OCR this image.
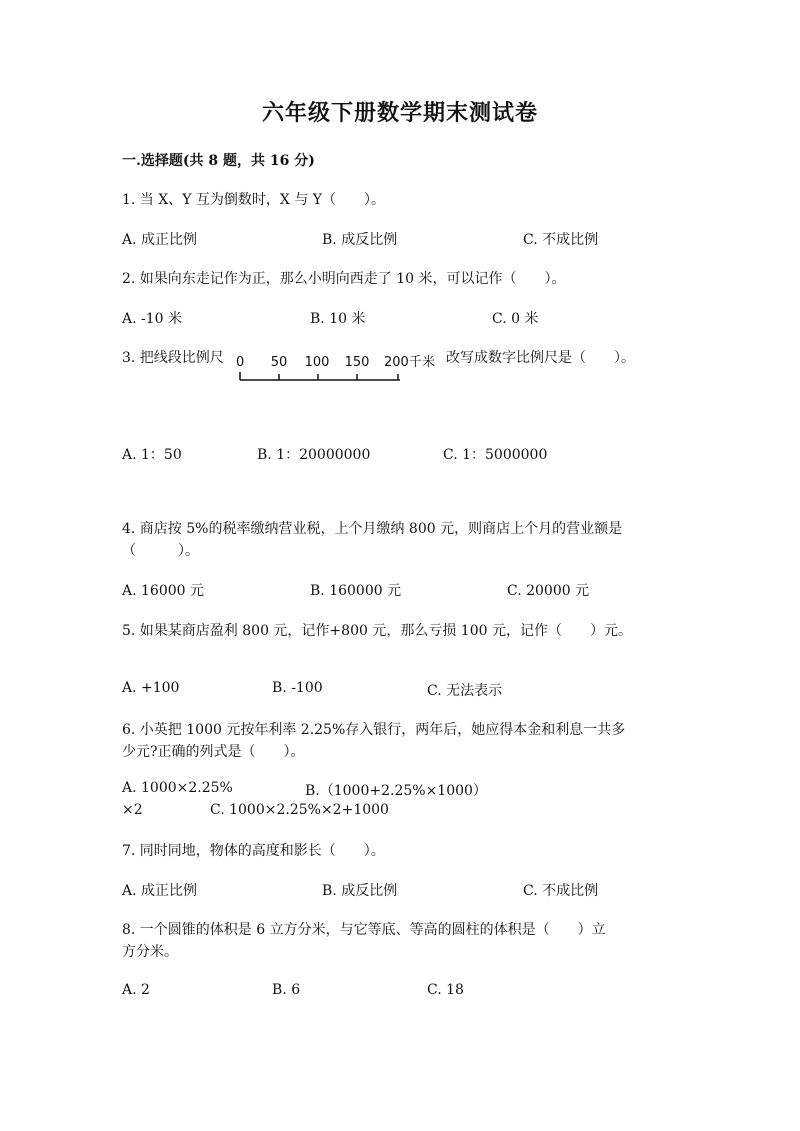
六年级下册数学期末测试卷
一.选择题(共 8 题，共 16 分)
1. 当 X、Y 互为倒数时，X 与 Y（　　）。
A. 成正比例	B. 成反比例	C. 不成比例
2. 如果向东走记作为正，那么小明向西走了 10 米，可以记作（　　）。
A. -10 米	B. 10 米	C. 0 米
3. 把线段比例尺 0 50 100 150 200千米 改写成数字比例尺是（　　）。
A. 1：50	B. 1：20000000	C. 1：5000000
4. 商店按 5%的税率缴纳营业税，上个月缴纳 800 元，则商店上个月的营业额是
（　　　）。
A. 16000 元	B. 160000 元	C. 20000 元
5. 如果某商店盈利 800 元，记作+800 元，那么亏损 100 元，记作（　　）元。
A. +100	B. -100	C. 无法表示
6. 小英把 1000 元按年利率 2.25%存入银行，两年后，她应得本金和利息一共多
少元?正确的列式是（　　）。
A. 1000×2.25%	B.（1000+2.25%×1000）
×2	C. 1000×2.25%×2+1000
7. 同时同地，物体的高度和影长（　　）。
A. 成正比例	B. 成反比例	C. 不成比例
8. 一个圆锥的体积是 6 立方分米，与它等底、等高的圆柱的体积是（　　）立
方分米。
A. 2	B. 6	C. 18
